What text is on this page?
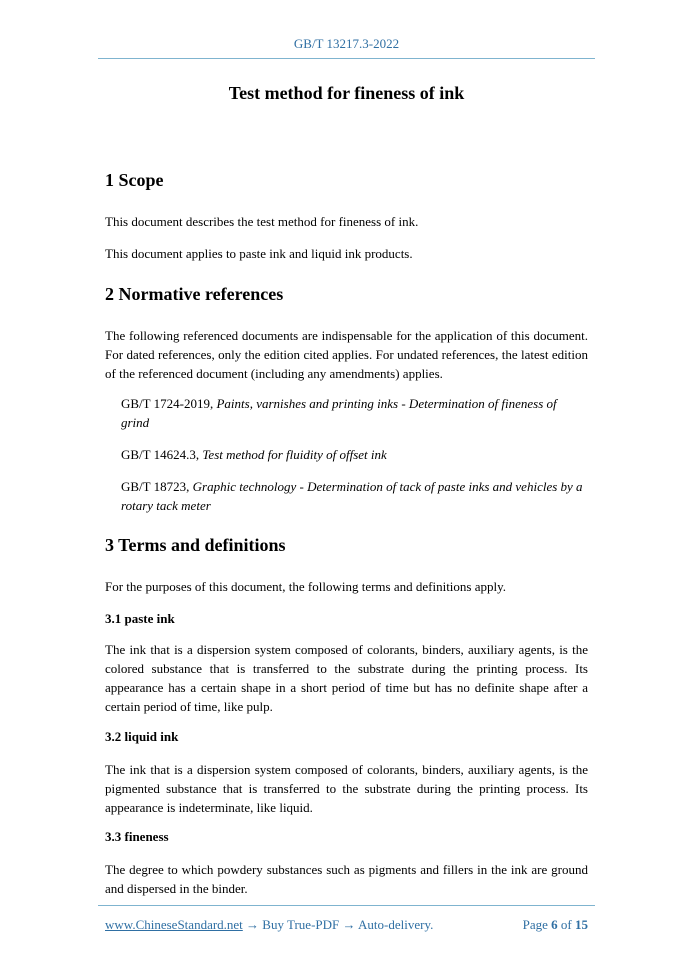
GB/T 13217.3-2022
Test method for fineness of ink
1 Scope

This document describes the test method for fineness of ink.

This document applies to paste ink and liquid ink products.

2 Normative references

The following referenced documents are indispensable for the application of this document. For dated references, only the edition cited applies. For undated references, the latest edition of the referenced document (including any amendments) applies.

GB/T 1724-2019, Paints, varnishes and printing inks - Determination of fineness of grind

GB/T 14624.3, Test method for fluidity of offset ink

GB/T 18723, Graphic technology - Determination of tack of paste inks and vehicles by a rotary tack meter

3 Terms and definitions

For the purposes of this document, the following terms and definitions apply.

3.1 paste ink

The ink that is a dispersion system composed of colorants, binders, auxiliary agents, is the colored substance that is transferred to the substrate during the printing process. Its appearance has a certain shape in a short period of time but has no definite shape after a certain period of time, like pulp.

3.2 liquid ink

The ink that is a dispersion system composed of colorants, binders, auxiliary agents, is the pigmented substance that is transferred to the substrate during the printing process. Its appearance is indeterminate, like liquid.

3.3 fineness

The degree to which powdery substances such as pigments and fillers in the ink are ground and dispersed in the binder.

www.ChineseStandard.net → Buy True-PDF → Auto-delivery.	Page 6 of 15
